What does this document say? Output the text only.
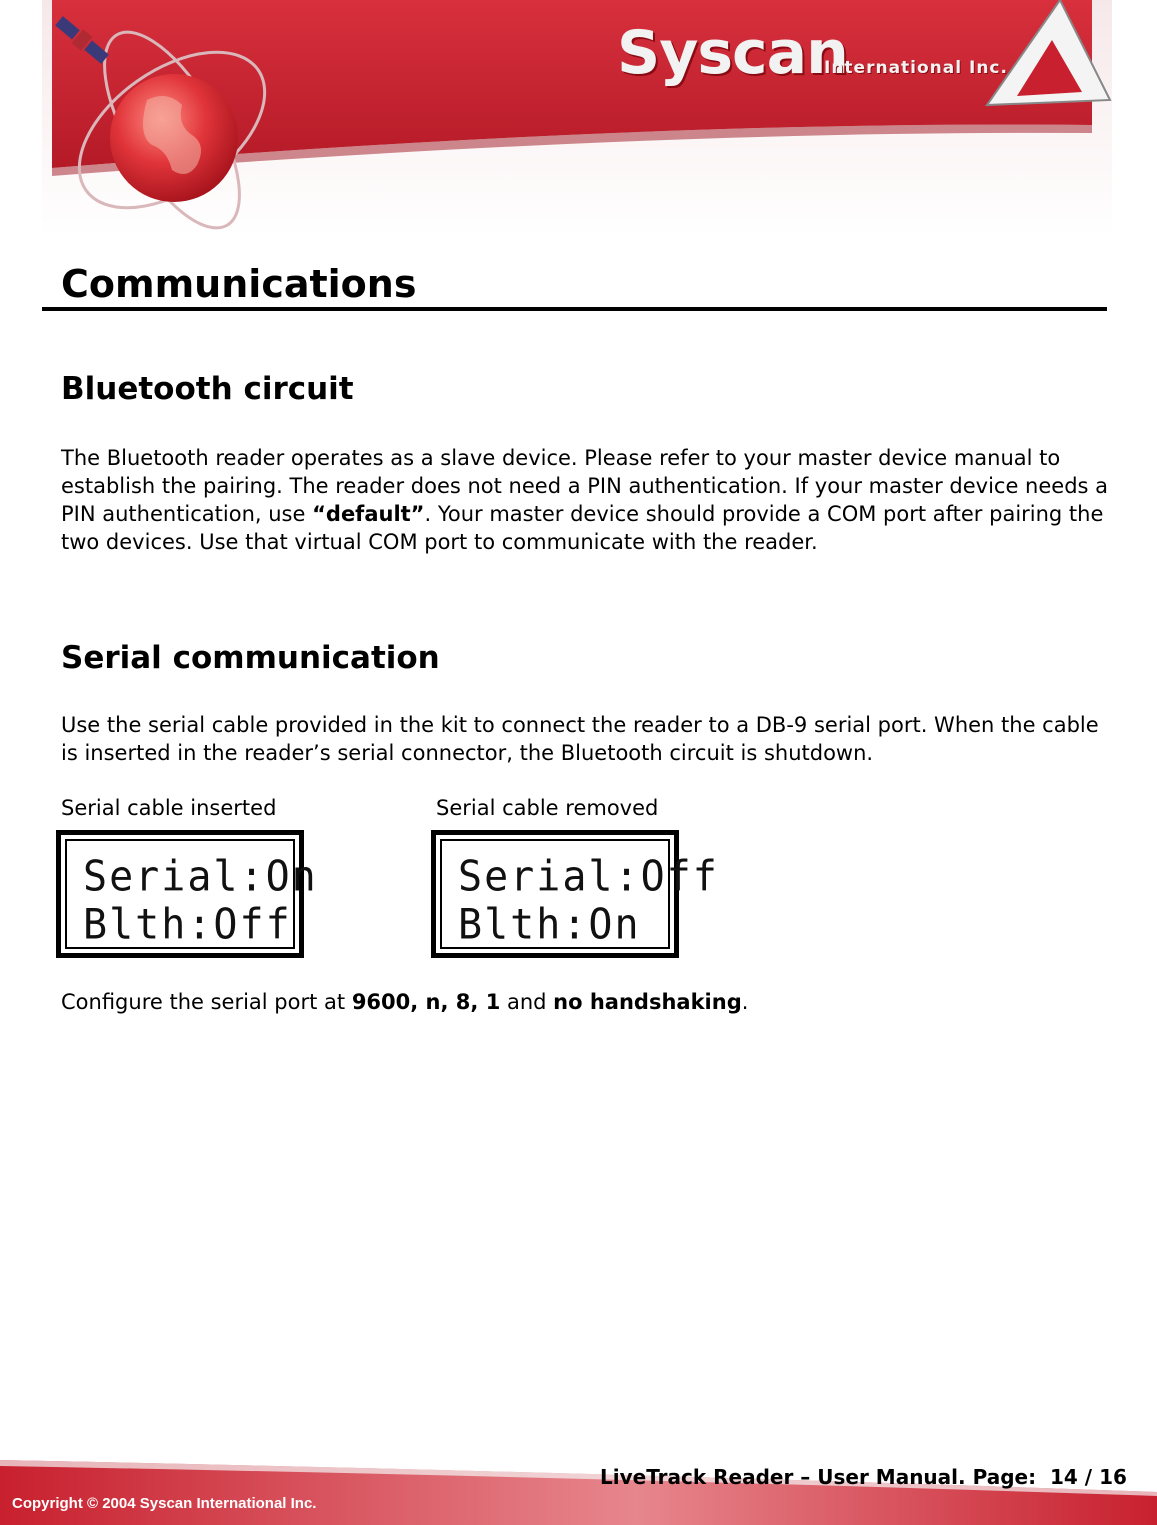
Syscan
International Inc.
Communications
Bluetooth circuit

The Bluetooth reader operates as a slave device. Please refer to your master device manual to establish the pairing. The reader does not need a PIN authentication. If your master device needs a PIN authentication, use “default”. Your master device should provide a COM port after pairing the two devices. Use that virtual COM port to communicate with the reader.

Serial communication

Use the serial cable provided in the kit to connect the reader to a DB-9 serial port. When the cable is inserted in the reader’s serial connector, the Bluetooth circuit is shutdown.

Serial cable inserted	Serial cable removed
Serial:On
Blth:Off
Serial:Off
Blth:On

Configure the serial port at 9600, n, 8, 1 and no handshaking.

LiveTrack Reader – User Manual. Page:  14 / 16
Copyright © 2004 Syscan International Inc.
